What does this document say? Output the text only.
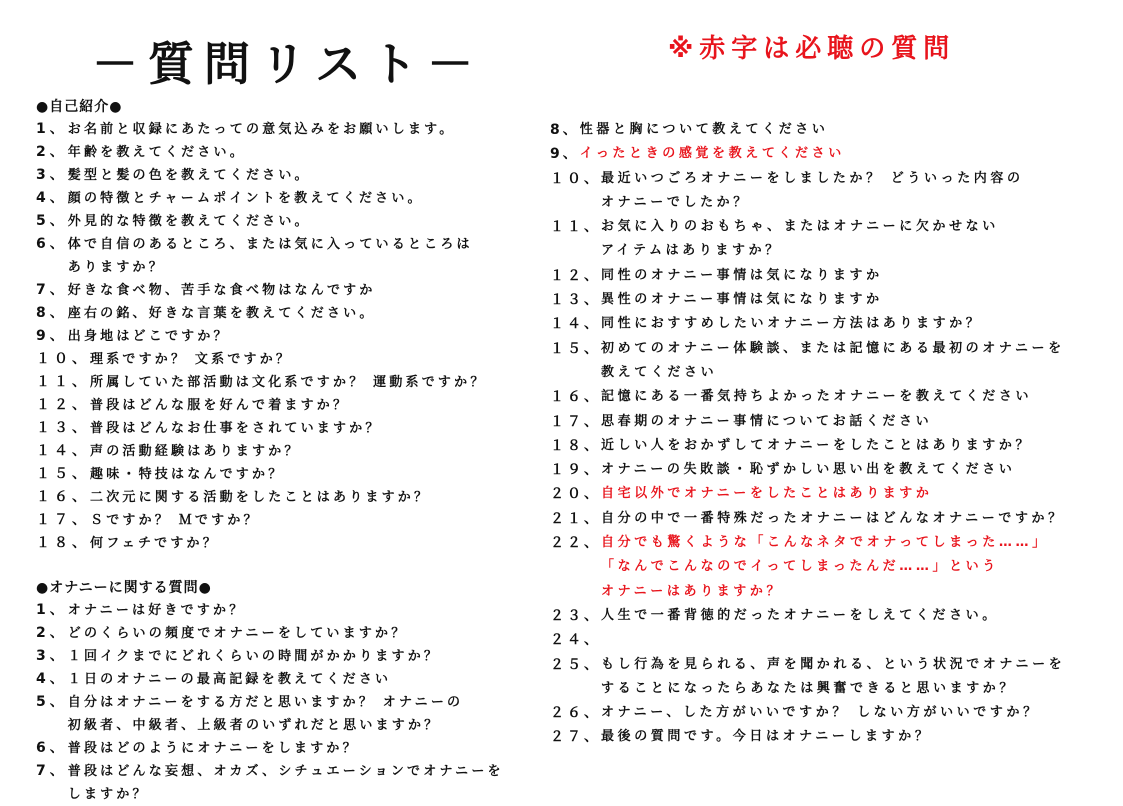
－質問リスト－	※赤字は必聴の質問
●自己紹介●
1、 お名前と収録にあたっての意気込みをお願いします。
2、 年齢を教えてください。
3、 髪型と髪の色を教えてください。
4、 顔の特徴とチャームポイントを教えてください。
5、 外見的な特徴を教えてください。
6、 体で自信のあるところ、または気に入っているところは
ありますか？
7、 好きな食べ物、苦手な食べ物はなんですか
8、 座右の銘、好きな言葉を教えてください。
9、 出身地はどこですか？
１０、 理系ですか？ 文系ですか？
１１、 所属していた部活動は文化系ですか？ 運動系ですか？
１２、 普段はどんな服を好んで着ますか？
１３、 普段はどんなお仕事をされていますか？
１４、 声の活動経験はありますか？
１５、 趣味・特技はなんですか？
１６、 二次元に関する活動をしたことはありますか？
１７、 Ｓですか？ Ｍですか？
１８、 何フェチですか？
●オナニーに関する質問●
1、 オナニーは好きですか？
2、 どのくらいの頻度でオナニーをしていますか？
3、 １回イクまでにどれくらいの時間がかかりますか？
4、 １日のオナニーの最高記録を教えてください
5、 自分はオナニーをする方だと思いますか？ オナニーの
初級者、中級者、上級者のいずれだと思いますか？
6、 普段はどのようにオナニーをしますか？
7、 普段はどんな妄想、オカズ、シチュエーションでオナニーを
しますか？
8、 性器と胸について教えてください
9、 イったときの感覚を教えてください
１０、 最近いつごろオナニーをしましたか？ どういった内容の
オナニーでしたか？
１１、 お気に入りのおもちゃ、またはオナニーに欠かせない
アイテムはありますか？
１２、 同性のオナニー事情は気になりますか
１３、 異性のオナニー事情は気になりますか
１４、 同性におすすめしたいオナニー方法はありますか？
１５、 初めてのオナニー体験談、または記憶にある最初のオナニーを
教えてください
１６、 記憶にある一番気持ちよかったオナニーを教えてください
１７、 思春期のオナニー事情についてお話ください
１８、 近しい人をおかずしてオナニーをしたことはありますか？
１９、 オナニーの失敗談・恥ずかしい思い出を教えてください
２０、 自宅以外でオナニーをしたことはありますか
２１、 自分の中で一番特殊だったオナニーはどんなオナニーですか？
２２、 自分でも驚くような「こんなネタでオナってしまった……」
「なんでこんなのでイってしまったんだ……」という
オナニーはありますか？
２３、 人生で一番背徳的だったオナニーをしえてください。
２４、

２５、 もし行為を見られる、声を聞かれる、という状況でオナニーを
することになったらあなたは興奮できると思いますか？
２６、 オナニー、した方がいいですか？ しない方がいいですか？
２７、 最後の質問です。今日はオナニーしますか？
